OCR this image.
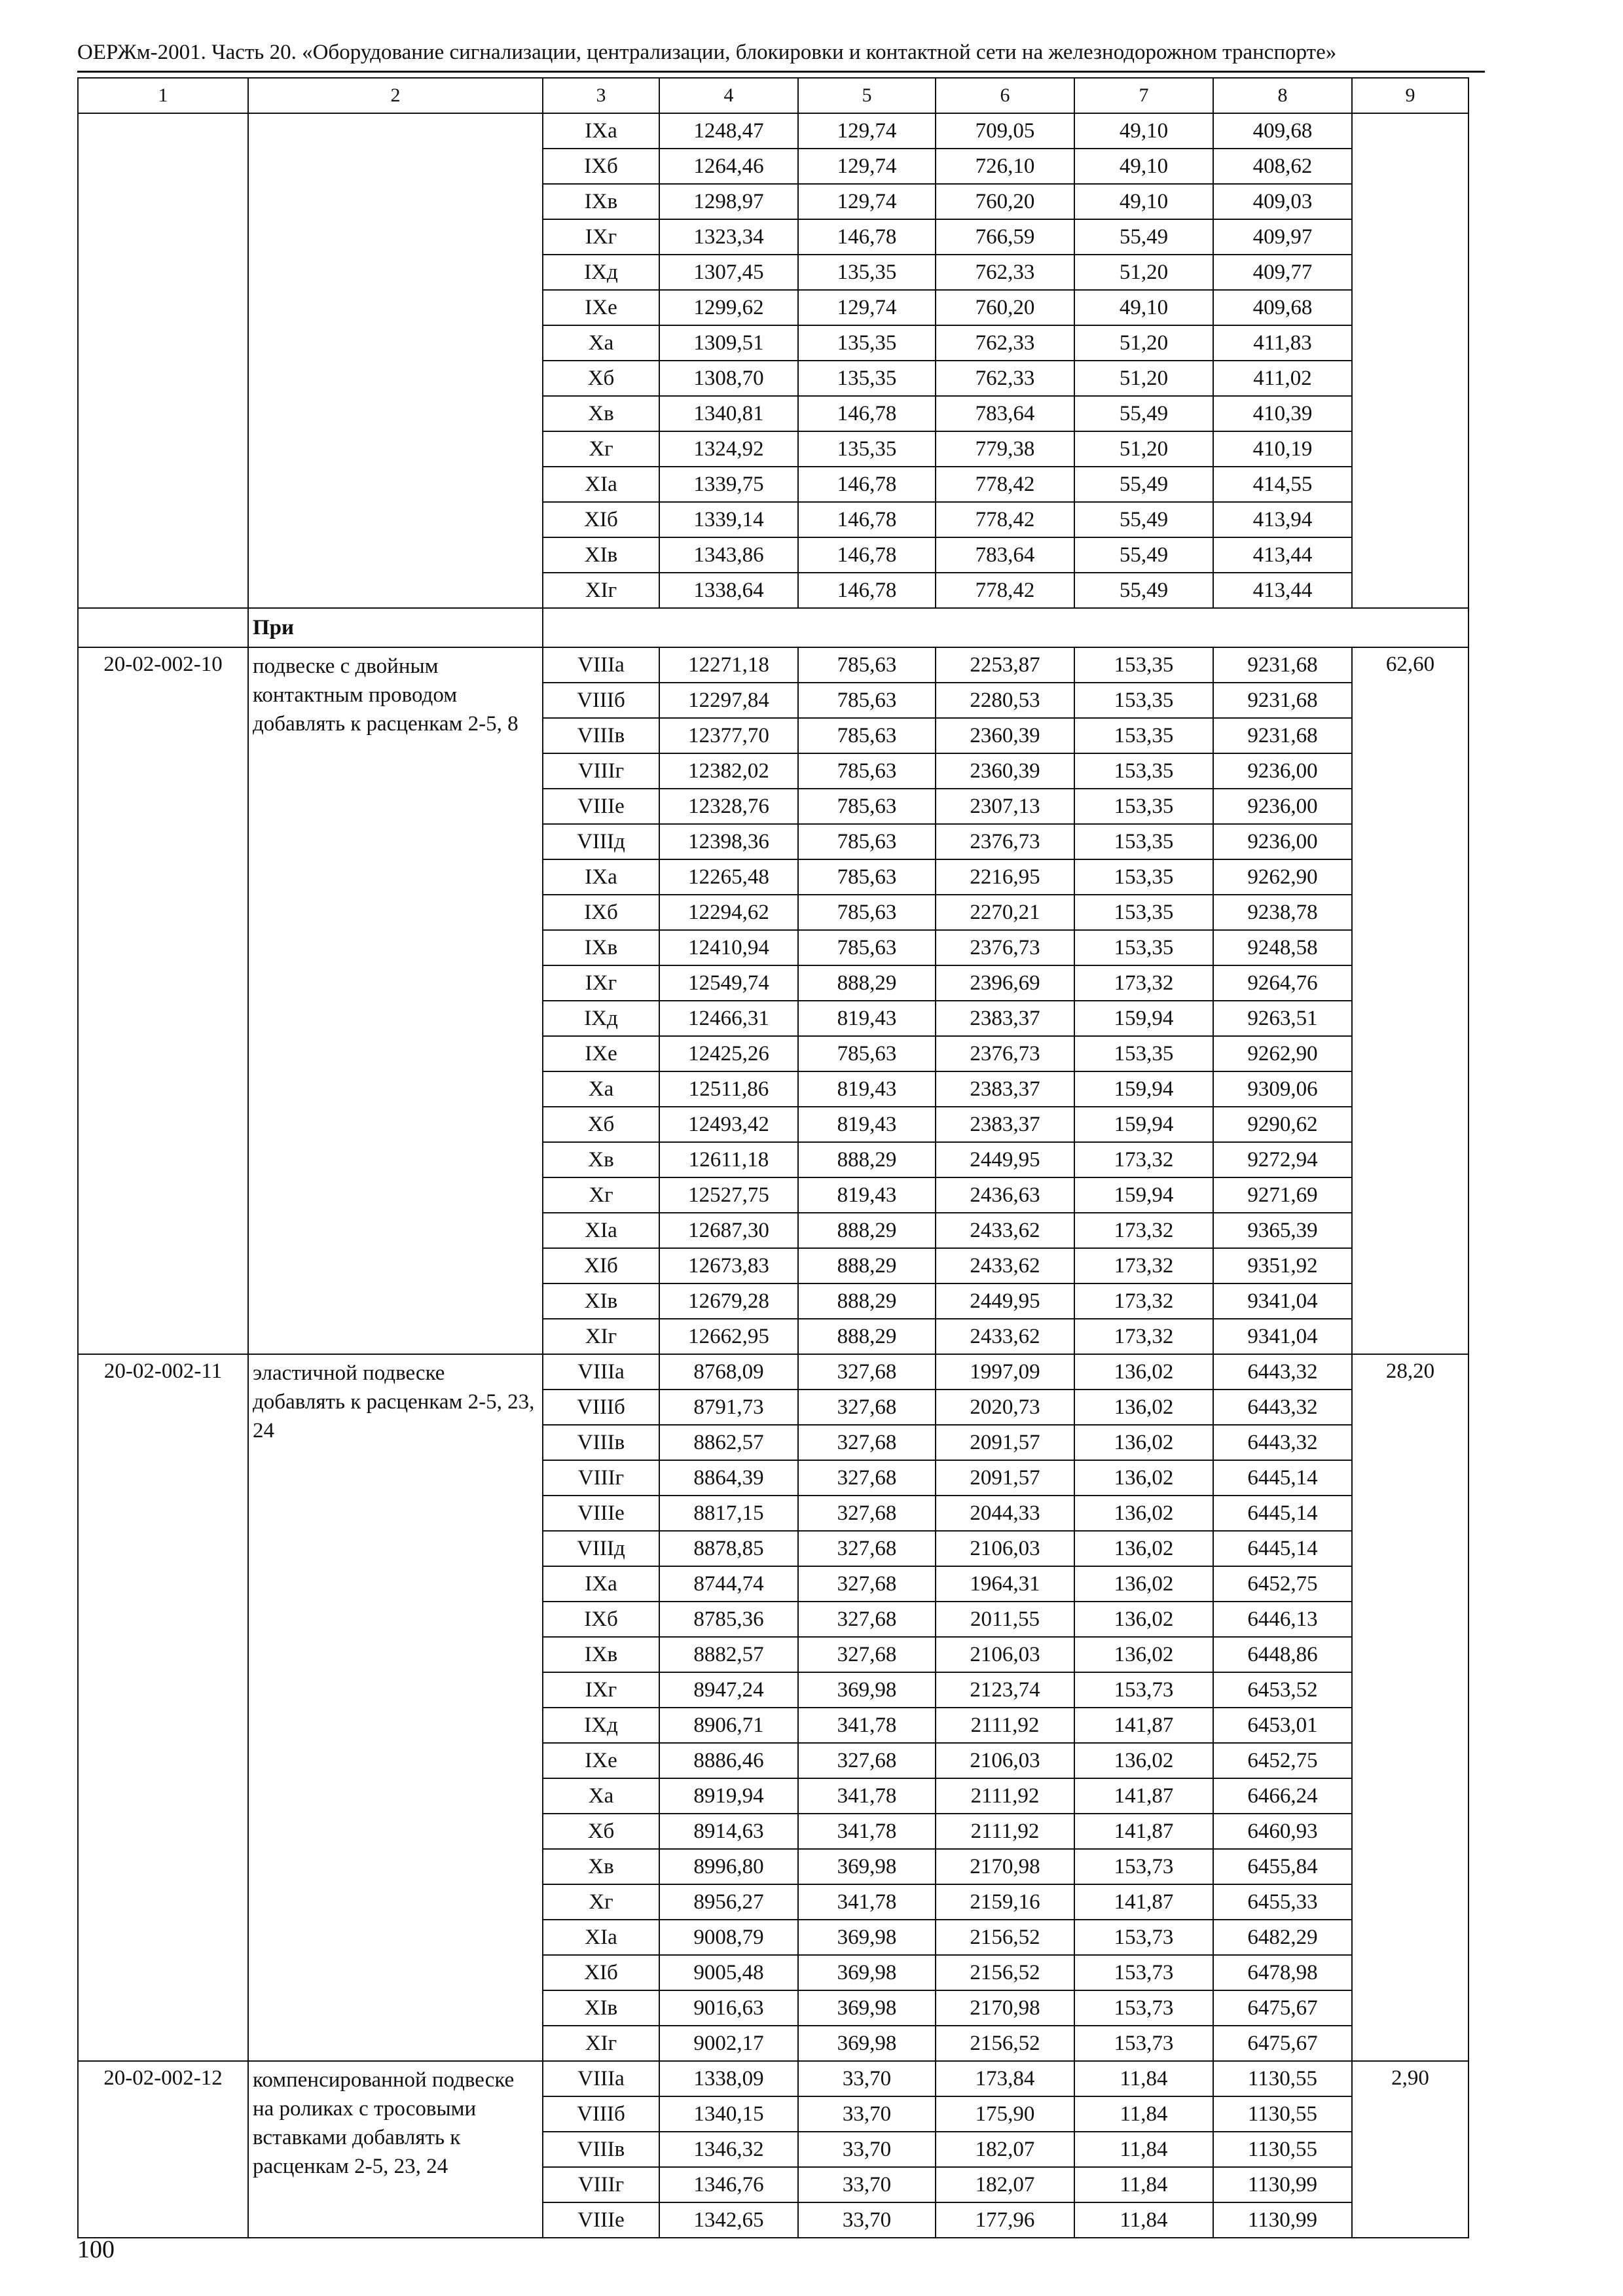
ОЕРЖм-2001. Часть 20. «Оборудование сигнализации, централизации, блокировки и контактной сети на железнодорожном транспорте»
1	2	3	4	5	6	7	8	9
		IXa	1248,47	129,74	709,05	49,10	409,68	
		IXб	1264,46	129,74	726,10	49,10	408,62	
		IXв	1298,97	129,74	760,20	49,10	409,03	
		IXг	1323,34	146,78	766,59	55,49	409,97	
		IXд	1307,45	135,35	762,33	51,20	409,77	
		IXe	1299,62	129,74	760,20	49,10	409,68	
		Xa	1309,51	135,35	762,33	51,20	411,83	
		Xб	1308,70	135,35	762,33	51,20	411,02	
		Xв	1340,81	146,78	783,64	55,49	410,39	
		Xг	1324,92	135,35	779,38	51,20	410,19	
		XIa	1339,75	146,78	778,42	55,49	414,55	
		XIб	1339,14	146,78	778,42	55,49	413,94	
		XIв	1343,86	146,78	783,64	55,49	413,44	
		XIг	1338,64	146,78	778,42	55,49	413,44	
	При							
20-02-002-10	подвеске с двойным контактным проводом добавлять к расценкам 2-5, 8	VIIIa	12271,18	785,63	2253,87	153,35	9231,68	62,60
		VIIIб	12297,84	785,63	2280,53	153,35	9231,68	
		VIIIв	12377,70	785,63	2360,39	153,35	9231,68	
		VIIIг	12382,02	785,63	2360,39	153,35	9236,00	
		VIIIe	12328,76	785,63	2307,13	153,35	9236,00	
		VIIIд	12398,36	785,63	2376,73	153,35	9236,00	
		IXa	12265,48	785,63	2216,95	153,35	9262,90	
		IXб	12294,62	785,63	2270,21	153,35	9238,78	
		IXв	12410,94	785,63	2376,73	153,35	9248,58	
		IXг	12549,74	888,29	2396,69	173,32	9264,76	
		IXд	12466,31	819,43	2383,37	159,94	9263,51	
		IXe	12425,26	785,63	2376,73	153,35	9262,90	
		Xa	12511,86	819,43	2383,37	159,94	9309,06	
		Xб	12493,42	819,43	2383,37	159,94	9290,62	
		Xв	12611,18	888,29	2449,95	173,32	9272,94	
		Xг	12527,75	819,43	2436,63	159,94	9271,69	
		XIa	12687,30	888,29	2433,62	173,32	9365,39	
		XIб	12673,83	888,29	2433,62	173,32	9351,92	
		XIв	12679,28	888,29	2449,95	173,32	9341,04	
		XIг	12662,95	888,29	2433,62	173,32	9341,04	
20-02-002-11	эластичной подвеске добавлять к расценкам 2-5, 23, 24	VIIIa	8768,09	327,68	1997,09	136,02	6443,32	28,20
		VIIIб	8791,73	327,68	2020,73	136,02	6443,32	
		VIIIв	8862,57	327,68	2091,57	136,02	6443,32	
		VIIIг	8864,39	327,68	2091,57	136,02	6445,14	
		VIIIe	8817,15	327,68	2044,33	136,02	6445,14	
		VIIIд	8878,85	327,68	2106,03	136,02	6445,14	
		IXa	8744,74	327,68	1964,31	136,02	6452,75	
		IXб	8785,36	327,68	2011,55	136,02	6446,13	
		IXв	8882,57	327,68	2106,03	136,02	6448,86	
		IXг	8947,24	369,98	2123,74	153,73	6453,52	
		IXд	8906,71	341,78	2111,92	141,87	6453,01	
		IXe	8886,46	327,68	2106,03	136,02	6452,75	
		Xa	8919,94	341,78	2111,92	141,87	6466,24	
		Xб	8914,63	341,78	2111,92	141,87	6460,93	
		Xв	8996,80	369,98	2170,98	153,73	6455,84	
		Xг	8956,27	341,78	2159,16	141,87	6455,33	
		XIa	9008,79	369,98	2156,52	153,73	6482,29	
		XIб	9005,48	369,98	2156,52	153,73	6478,98	
		XIв	9016,63	369,98	2170,98	153,73	6475,67	
		XIг	9002,17	369,98	2156,52	153,73	6475,67	
20-02-002-12	компенсированной подвеске на роликах с тросовыми вставками добавлять к расценкам 2-5, 23, 24	VIIIa	1338,09	33,70	173,84	11,84	1130,55	2,90
		VIIIб	1340,15	33,70	175,90	11,84	1130,55	
		VIIIв	1346,32	33,70	182,07	11,84	1130,55	
		VIIIг	1346,76	33,70	182,07	11,84	1130,99	
		VIIIe	1342,65	33,70	177,96	11,84	1130,99	
100
